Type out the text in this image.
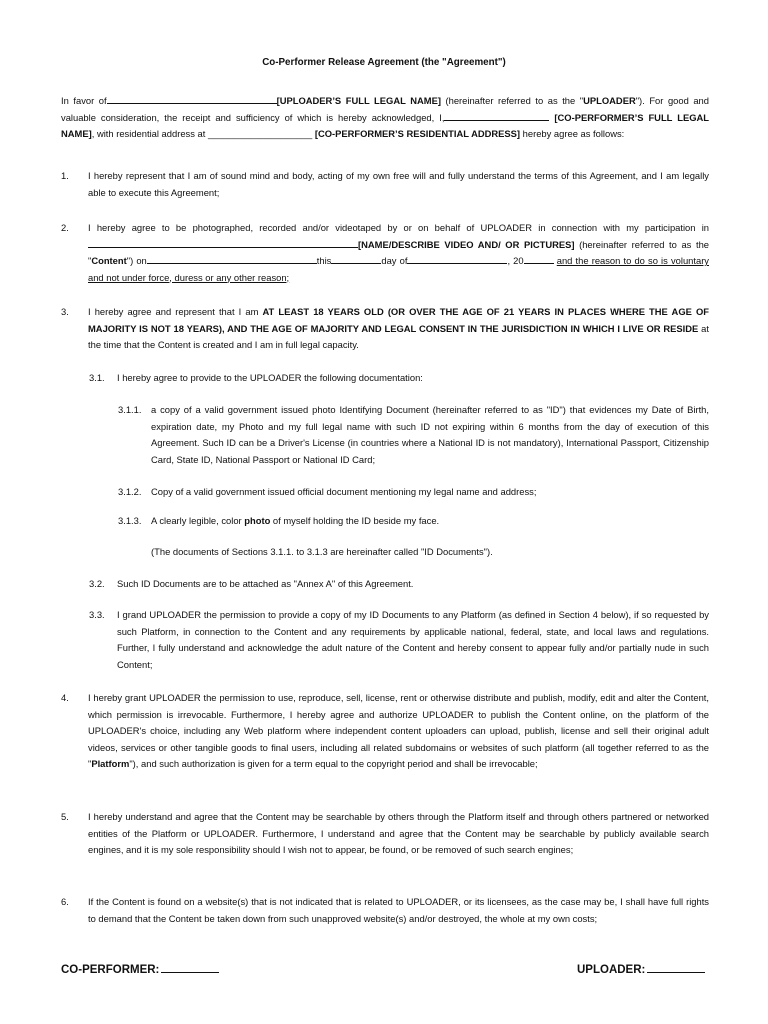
Co-Performer Release Agreement (the "Agreement")
In favor of	[UPLOADER’S FULL LEGAL NAME] (hereinafter referred to as the "UPLOADER"). For good and valuable consideration, the receipt and sufficiency of which is hereby acknowledged, I,	[CO-PERFORMER’S FULL LEGAL NAME], with residential address at ____________________ [CO-PERFORMER’S RESIDENTIAL ADDRESS] hereby agree as follows:
1.	I hereby represent that I am of sound mind and body, acting of my own free will and fully understand the terms of this Agreement, and I am legally able to execute this Agreement;
2.	I hereby agree to be photographed, recorded and/or videotaped by or on behalf of UPLOADER in connection with my participation in [NAME/DESCRIBE VIDEO AND/ OR PICTURES] (hereinafter referred to as the "Content") on	this	day of	, 20	and the reason to do so is voluntary and not under force, duress or any other reason;
3.	I hereby agree and represent that I am AT LEAST 18 YEARS OLD (OR OVER THE AGE OF 21 YEARS IN PLACES WHERE THE AGE OF MAJORITY IS NOT 18 YEARS), AND THE AGE OF MAJORITY AND LEGAL CONSENT IN THE JURISDICTION IN WHICH I LIVE OR RESIDE at the time that the Content is created and I am in full legal capacity.
3.1.	I hereby agree to provide to the UPLOADER the following documentation:
3.1.1.	a copy of a valid government issued photo Identifying Document (hereinafter referred to as "ID") that evidences my Date of Birth, expiration date, my Photo and my full legal name with such ID not expiring within 6 months from the day of execution of this Agreement. Such ID can be a Driver's License (in countries where a National ID is not mandatory), International Passport, Citizenship Card, State ID, National Passport or National ID Card;
3.1.2.	Copy of a valid government issued official document mentioning my legal name and address;
3.1.3.	A clearly legible, color photo of myself holding the ID beside my face.
(The documents of Sections 3.1.1. to 3.1.3 are hereinafter called "ID Documents").
3.2.	Such ID Documents are to be attached as "Annex A" of this Agreement.
3.3.	I grand UPLOADER the permission to provide a copy of my ID Documents to any Platform (as defined in Section 4 below), if so requested by such Platform, in connection to the Content and any requirements by applicable national, federal, state, and local laws and regulations. Further, I fully understand and acknowledge the adult nature of the Content and hereby consent to appear fully and/or partially nude in such Content;
4.	I hereby grant UPLOADER the permission to use, reproduce, sell, license, rent or otherwise distribute and publish, modify, edit and alter the Content, which permission is irrevocable. Furthermore, I hereby agree and authorize UPLOADER to publish the Content online, on the platform of the UPLOADER's choice, including any Web platform where independent content uploaders can upload, publish, license and sell their original adult videos, services or other tangible goods to final users, including all related subdomains or websites of such platform (all together referred to as the "Platform"), and such authorization is given for a term equal to the copyright period and shall be irrevocable;
5.	I hereby understand and agree that the Content may be searchable by others through the Platform itself and through others partnered or networked entities of the Platform or UPLOADER. Furthermore, I understand and agree that the Content may be searchable by publicly available search engines, and it is my sole responsibility should I wish not to appear, be found, or be removed of such search engines;
6.	If the Content is found on a website(s) that is not indicated that is related to UPLOADER, or its licensees, as the case may be, I shall have full rights to demand that the Content be taken down from such unapproved website(s) and/or destroyed, the whole at my own costs;
CO-PERFORMER:	UPLOADER:
